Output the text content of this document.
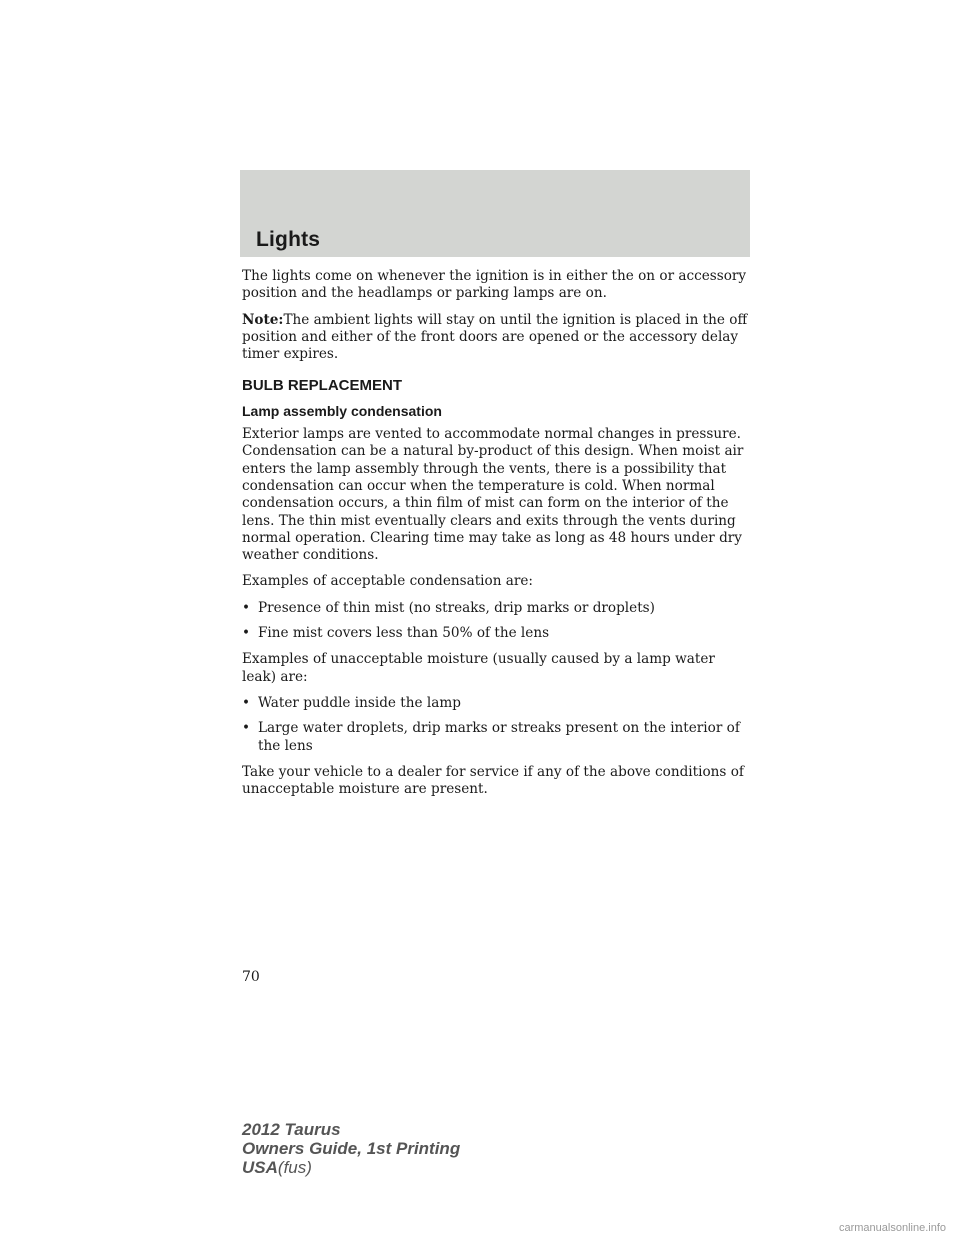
Lights

The lights come on whenever the ignition is in either the on or accessory position and the headlamps or parking lamps are on.

Note:The ambient lights will stay on until the ignition is placed in the off position and either of the front doors are opened or the accessory delay timer expires.

BULB REPLACEMENT
Lamp assembly condensation

Exterior lamps are vented to accommodate normal changes in pressure. Condensation can be a natural by-product of this design. When moist air enters the lamp assembly through the vents, there is a possibility that condensation can occur when the temperature is cold. When normal condensation occurs, a thin film of mist can form on the interior of the lens. The thin mist eventually clears and exits through the vents during normal operation. Clearing time may take as long as 48 hours under dry weather conditions.

Examples of acceptable condensation are:

• Presence of thin mist (no streaks, drip marks or droplets)
• Fine mist covers less than 50% of the lens

Examples of unacceptable moisture (usually caused by a lamp water leak) are:

• Water puddle inside the lamp
• Large water droplets, drip marks or streaks present on the interior of the lens

Take your vehicle to a dealer for service if any of the above conditions of unacceptable moisture are present.

70
2012 Taurus
Owners Guide, 1st Printing
USA(fus)
carmanualsonline.info
